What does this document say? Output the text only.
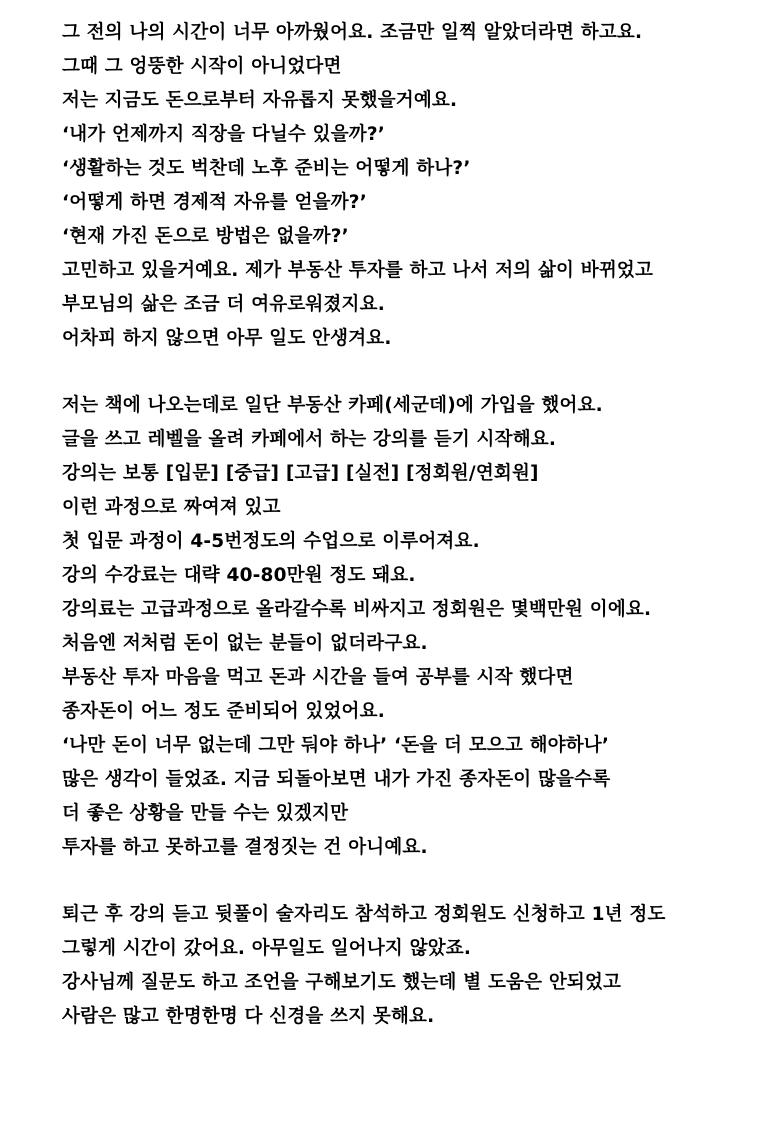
그 전의 나의 시간이 너무 아까웠어요. 조금만 일찍 알았더라면 하고요.
그때 그 엉뚱한 시작이 아니었다면
저는 지금도 돈으로부터 자유롭지 못했을거예요.
‘내가 언제까지 직장을 다닐수 있을까?’
‘생활하는 것도 벅찬데 노후 준비는 어떻게 하나?’
‘어떻게 하면 경제적 자유를 얻을까?’
‘현재 가진 돈으로 방법은 없을까?’
고민하고 있을거예요. 제가 부동산 투자를 하고 나서 저의 삶이 바뀌었고
부모님의 삶은 조금 더 여유로워졌지요.
어차피 하지 않으면 아무 일도 안생겨요.
저는 책에 나오는데로 일단 부동산 카페(세군데)에 가입을 했어요.
글을 쓰고 레벨을 올려 카페에서 하는 강의를 듣기 시작해요.
강의는 보통 [입문] [중급] [고급] [실전] [정회원/연회원]
이런 과정으로 짜여져 있고
첫 입문 과정이 4-5번정도의 수업으로 이루어져요.
강의 수강료는 대략 40-80만원 정도 돼요.
강의료는 고급과정으로 올라갈수록 비싸지고 정회원은 몇백만원 이에요.
처음엔 저처럼 돈이 없는 분들이 없더라구요.
부동산 투자 마음을 먹고 돈과 시간을 들여 공부를 시작 했다면
종자돈이 어느 정도 준비되어 있었어요.
‘나만 돈이 너무 없는데 그만 둬야 하나’ ‘돈을 더 모으고 해야하나’
많은 생각이 들었죠. 지금 되돌아보면 내가 가진 종자돈이 많을수록
더 좋은 상황을 만들 수는 있겠지만
투자를 하고 못하고를 결정짓는 건 아니예요.
퇴근 후 강의 듣고 뒷풀이 술자리도 참석하고 정회원도 신청하고 1년 정도
그렇게 시간이 갔어요. 아무일도 일어나지 않았죠.
강사님께 질문도 하고 조언을 구해보기도 했는데 별 도움은 안되었고
사람은 많고 한명한명 다 신경을 쓰지 못해요.
